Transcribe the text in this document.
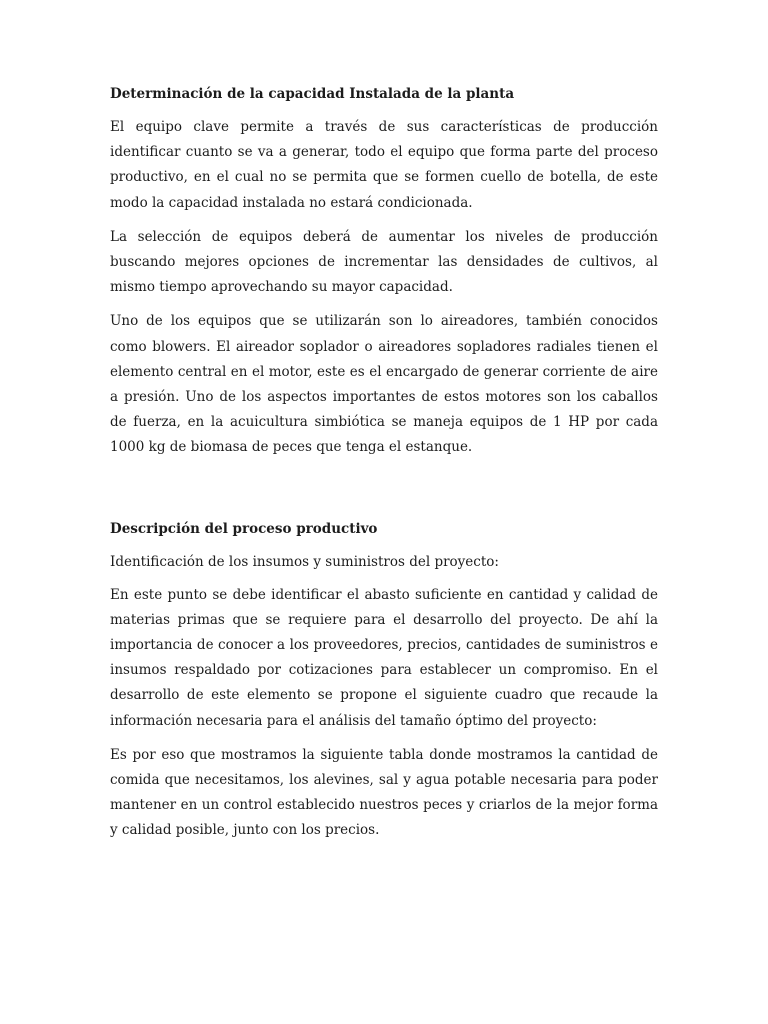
Determinación de la capacidad Instalada de la planta

El equipo clave permite a través de sus características de producción identificar cuanto se va a generar, todo el equipo que forma parte del proceso productivo, en el cual no se permita que se formen cuello de botella, de este modo la capacidad instalada no estará condicionada.

La selección de equipos deberá de aumentar los niveles de producción buscando mejores opciones de incrementar las densidades de cultivos, al mismo tiempo aprovechando su mayor capacidad.

Uno de los equipos que se utilizarán son lo aireadores, también conocidos como blowers. El aireador soplador o aireadores sopladores radiales tienen el elemento central en el motor, este es el encargado de generar corriente de aire a presión. Uno de los aspectos importantes de estos motores son los caballos de fuerza, en la acuicultura simbiótica se maneja equipos de 1 HP por cada 1000 kg de biomasa de peces que tenga el estanque.

Descripción del proceso productivo

Identificación de los insumos y suministros del proyecto:

En este punto se debe identificar el abasto suficiente en cantidad y calidad de materias primas que se requiere para el desarrollo del proyecto. De ahí la importancia de conocer a los proveedores, precios, cantidades de suministros e insumos respaldado por cotizaciones para establecer un compromiso. En el desarrollo de este elemento se propone el siguiente cuadro que recaude la información necesaria para el análisis del tamaño óptimo del proyecto:

Es por eso que mostramos la siguiente tabla donde mostramos la cantidad de comida que necesitamos, los alevines, sal y agua potable necesaria para poder mantener en un control establecido nuestros peces y criarlos de la mejor forma y calidad posible, junto con los precios.
